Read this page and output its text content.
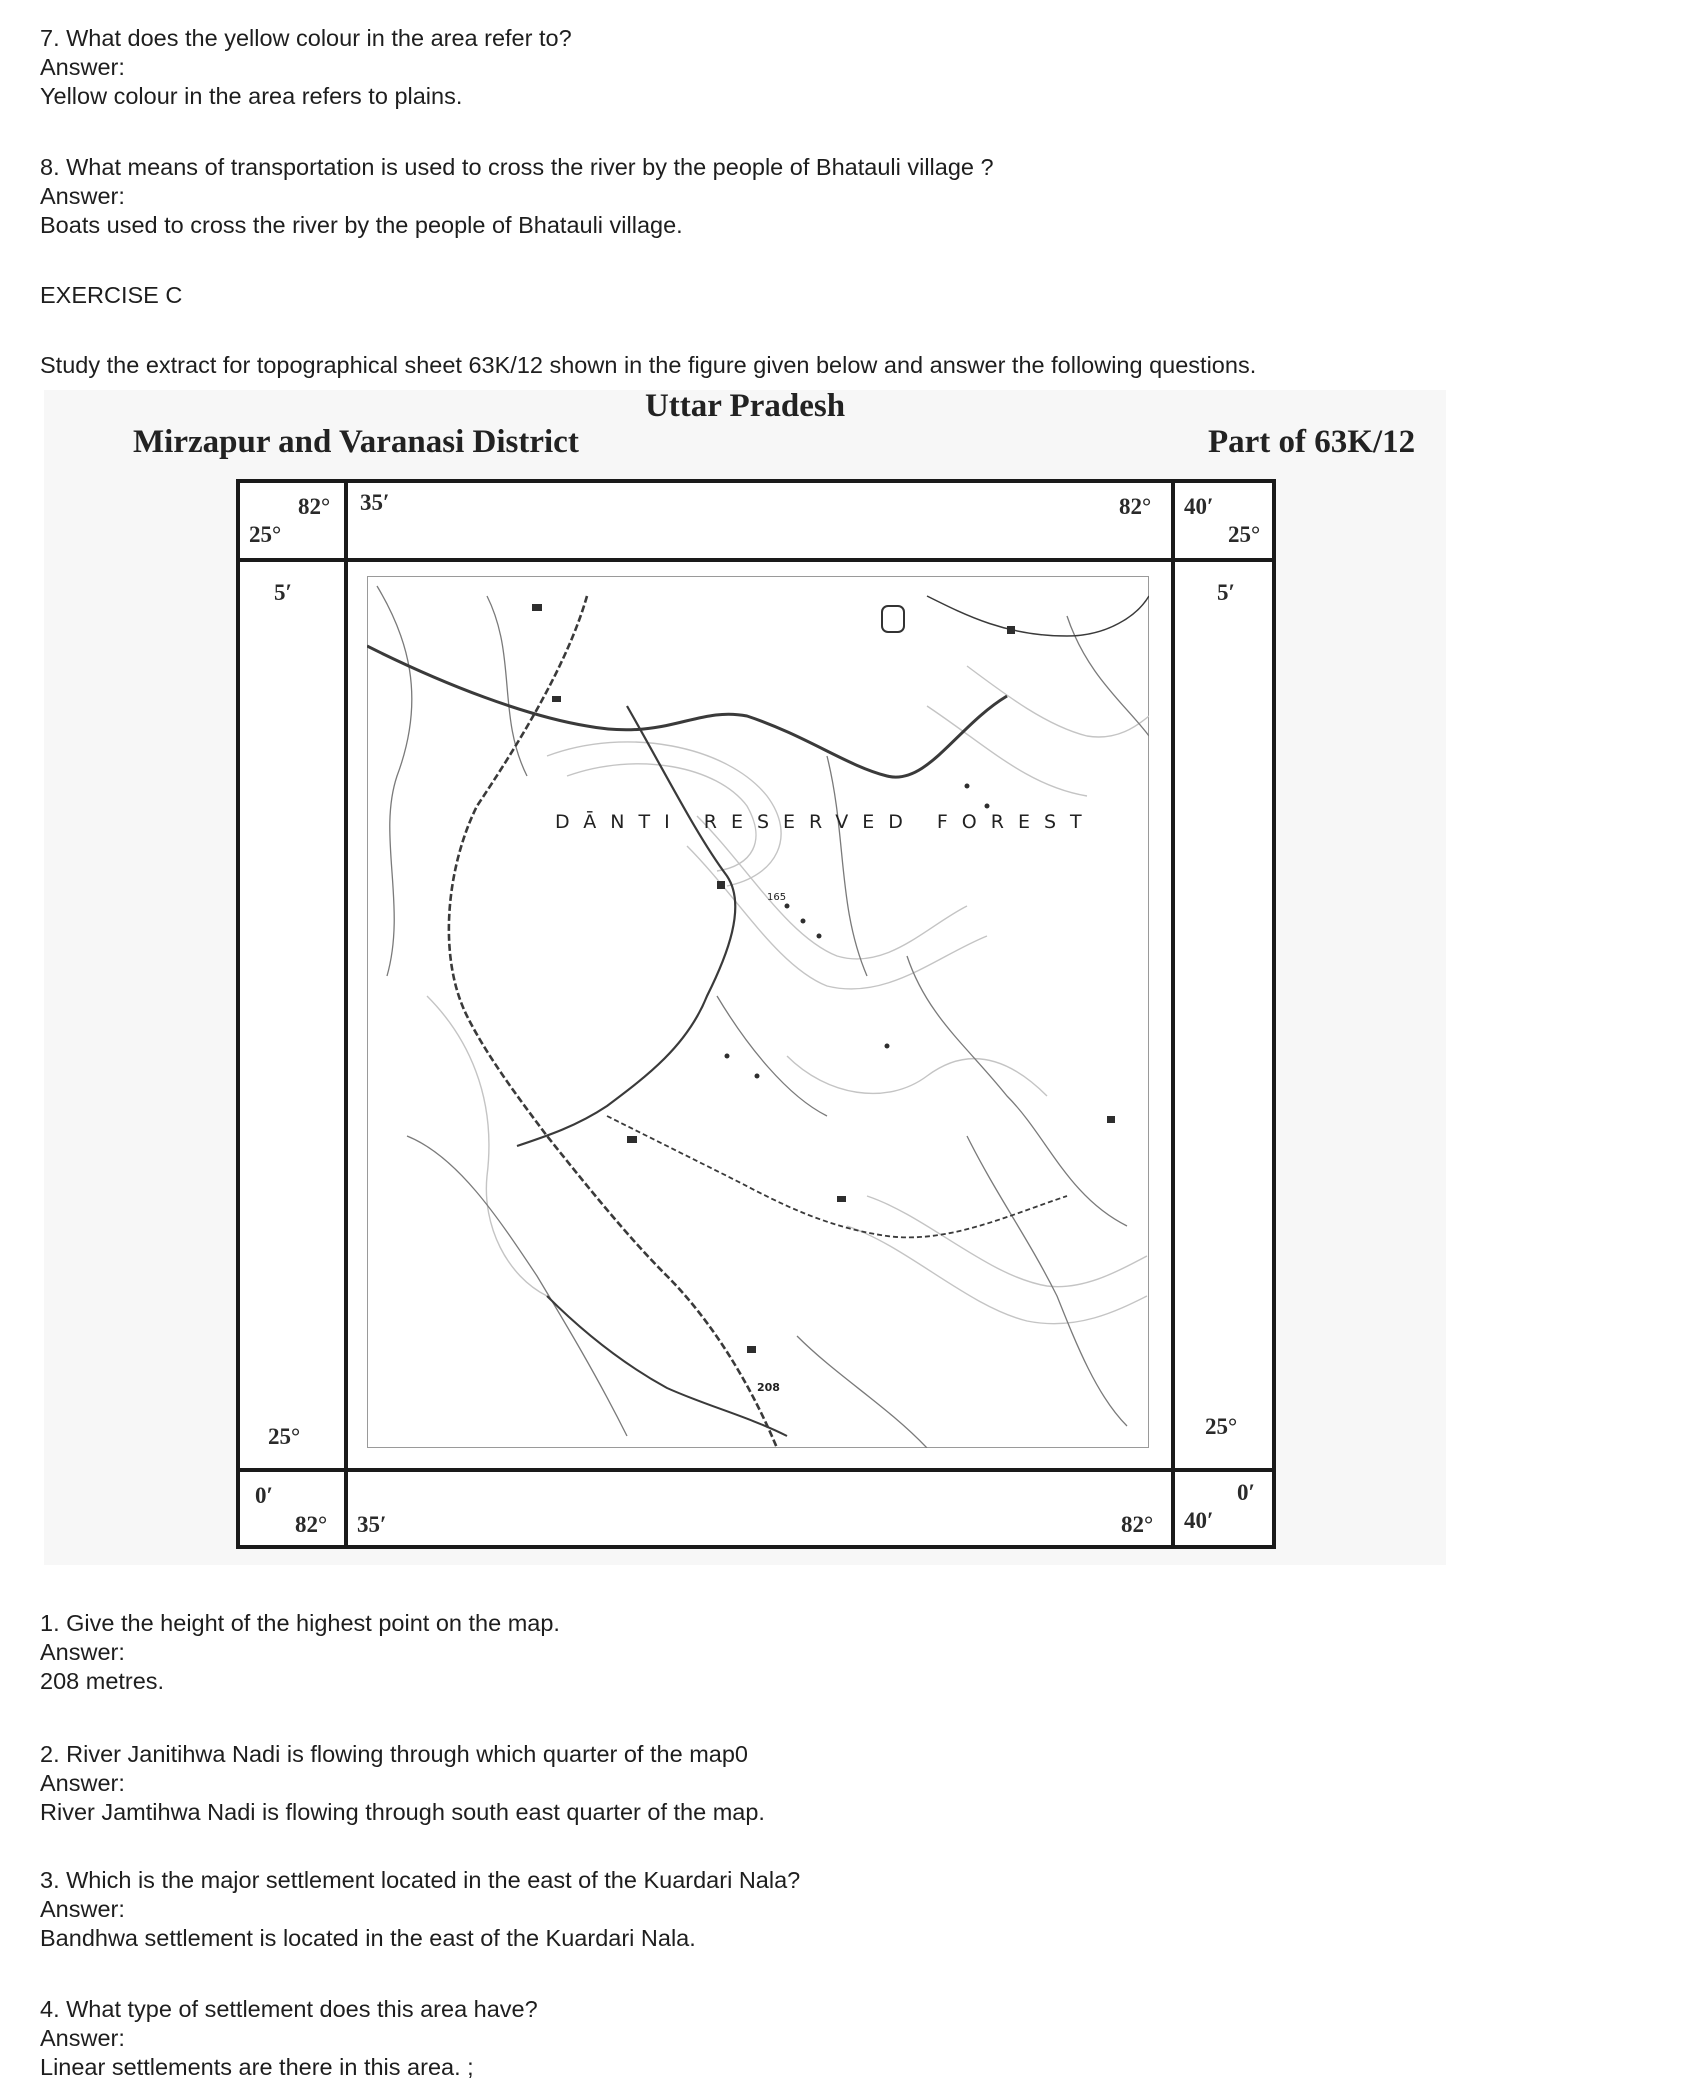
7. What does the yellow colour in the area refer to?
Answer:
Yellow colour in the area refers to plains.
8. What means of transportation is used to cross the river by the people of Bhatauli village ?
Answer:
Boats used to cross the river by the people of Bhatauli village.
EXERCISE C
Study the extract for topographical sheet 63K/12 shown in the figure given below and answer the following questions.
Uttar Pradesh
Mirzapur and Varanasi District	Part of 63K/12
82°
25°
35′	82° 40′
25°
5′	5′
25°	25°
0′
82° 35′	82° 40′
0′
DĀNTI RESERVED FOREST
165
208
1. Give the height of the highest point on the map.
Answer:
208 metres.
2. River Janitihwa Nadi is flowing through which quarter of the map0
Answer:
River Jamtihwa Nadi is flowing through south east quarter of the map.
3. Which is the major settlement located in the east of the Kuardari Nala?
Answer:
Bandhwa settlement is located in the east of the Kuardari Nala.
4. What type of settlement does this area have?
Answer:
Linear settlements are there in this area. ;
